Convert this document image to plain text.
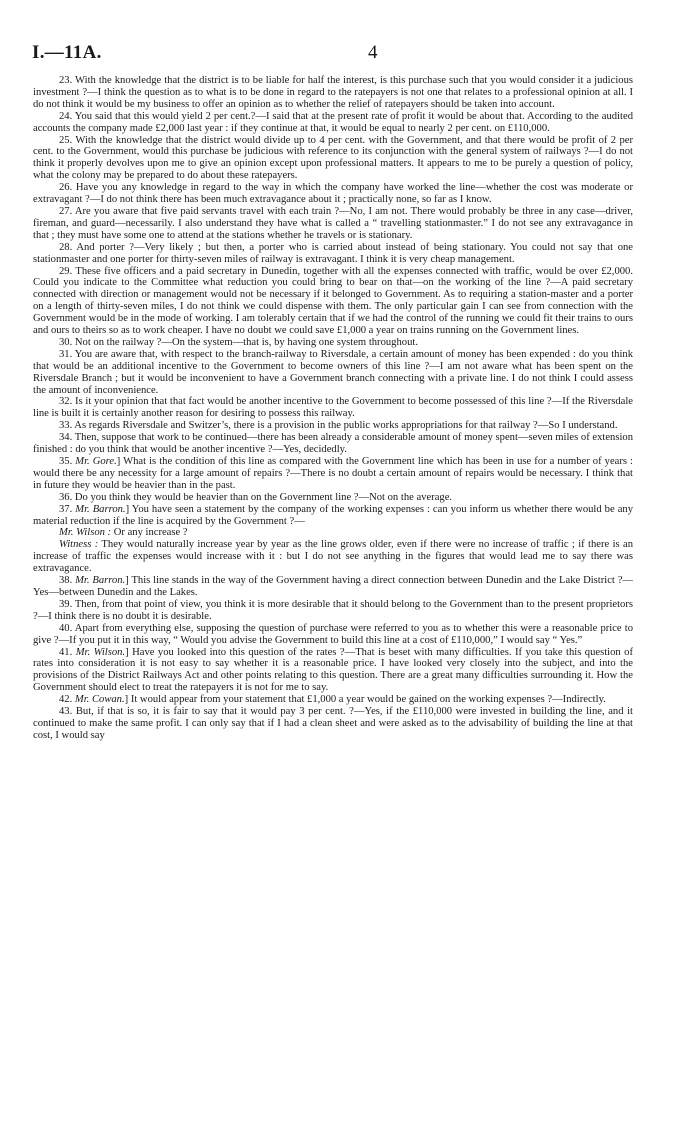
I.—11A.	4

23. With the knowledge that the district is to be liable for half the interest, is this purchase such that you would consider it a judicious investment ?—I think the question as to what is to be done in regard to the ratepayers is not one that relates to a professional opinion at all. I do not think it would be my business to offer an opinion as to whether the relief of ratepayers should be taken into account.

24. You said that this would yield 2 per cent.?—I said that at the present rate of profit it would be about that. According to the audited accounts the company made £2,000 last year : if they continue at that, it would be equal to nearly 2 per cent. on £110,000.

25. With the knowledge that the district would divide up to 4 per cent. with the Government, and that there would be profit of 2 per cent. to the Government, would this purchase be judicious with reference to its conjunction with the general system of railways ?—I do not think it properly devolves upon me to give an opinion except upon professional matters. It appears to me to be purely a question of policy, what the colony may be prepared to do about these ratepayers.

26. Have you any knowledge in regard to the way in which the company have worked the line—whether the cost was moderate or extravagant ?—I do not think there has been much extravagance about it ; practically none, so far as I know.

27. Are you aware that five paid servants travel with each train ?—No, I am not. There would probably be three in any case—driver, fireman, and guard—necessarily. I also understand they have what is called a “ travelling stationmaster.” I do not see any extravagance in that ; they must have some one to attend at the stations whether he travels or is stationary.

28. And porter ?—Very likely ; but then, a porter who is carried about instead of being stationary. You could not say that one stationmaster and one porter for thirty-seven miles of railway is extravagant. I think it is very cheap management.

29. These five officers and a paid secretary in Dunedin, together with all the expenses connected with traffic, would be over £2,000. Could you indicate to the Committee what reduction you could bring to bear on that—on the working of the line ?—A paid secretary connected with direction or management would not be necessary if it belonged to Government. As to requiring a station-master and a porter on a length of thirty-seven miles, I do not think we could dispense with them. The only particular gain I can see from connection with the Government would be in the mode of working. I am tolerably certain that if we had the control of the running we could fit their trains to ours and ours to theirs so as to work cheaper. I have no doubt we could save £1,000 a year on trains running on the Government lines.

30. Not on the railway ?—On the system—that is, by having one system throughout.

31. You are aware that, with respect to the branch-railway to Riversdale, a certain amount of money has been expended : do you think that would be an additional incentive to the Government to become owners of this line ?—I am not aware what has been spent on the Riversdale Branch ; but it would be inconvenient to have a Government branch connecting with a private line. I do not think I could assess the amount of inconvenience.

32. Is it your opinion that that fact would be another incentive to the Government to become possessed of this line ?—If the Riversdale line is built it is certainly another reason for desiring to possess this railway.

33. As regards Riversdale and Switzer’s, there is a provision in the public works appropriations for that railway ?—So I understand.

34. Then, suppose that work to be continued—there has been already a considerable amount of money spent—seven miles of extension finished : do you think that would be another incentive ?—Yes, decidedly.

35. Mr. Gore.] What is the condition of this line as compared with the Government line which has been in use for a number of years : would there be any necessity for a large amount of repairs ?—There is no doubt a certain amount of repairs would be necessary. I think that in future they would be heavier than in the past.

36. Do you think they would be heavier than on the Government line ?—Not on the average.

37. Mr. Barron.] You have seen a statement by the company of the working expenses : can you inform us whether there would be any material reduction if the line is acquired by the Government ?—

Mr. Wilson : Or any increase ?

Witness : They would naturally increase year by year as the line grows older, even if there were no increase of traffic ; if there is an increase of traffic the expenses would increase with it : but I do not see anything in the figures that would lead me to say there was extravagance.

38. Mr. Barron.] This line stands in the way of the Government having a direct connection between Dunedin and the Lake District ?—Yes—between Dunedin and the Lakes.

39. Then, from that point of view, you think it is more desirable that it should belong to the Government than to the present proprietors ?—I think there is no doubt it is desirable.

40. Apart from everything else, supposing the question of purchase were referred to you as to whether this were a reasonable price to give ?—If you put it in this way, “ Would you advise the Government to build this line at a cost of £110,000,” I would say “ Yes.”

41. Mr. Wilson.] Have you looked into this question of the rates ?—That is beset with many difficulties. If you take this question of rates into consideration it is not easy to say whether it is a reasonable price. I have looked very closely into the subject, and into the provisions of the District Railways Act and other points relating to this question. There are a great many difficulties surrounding it. How the Government should elect to treat the ratepayers it is not for me to say.

42. Mr. Cowan.] It would appear from your statement that £1,000 a year would be gained on the working expenses ?—Indirectly.

43. But, if that is so, it is fair to say that it would pay 3 per cent. ?—Yes, if the £110,000 were invested in building the line, and it continued to make the same profit. I can only say that if I had a clean sheet and were asked as to the advisability of building the line at that cost, I would say
